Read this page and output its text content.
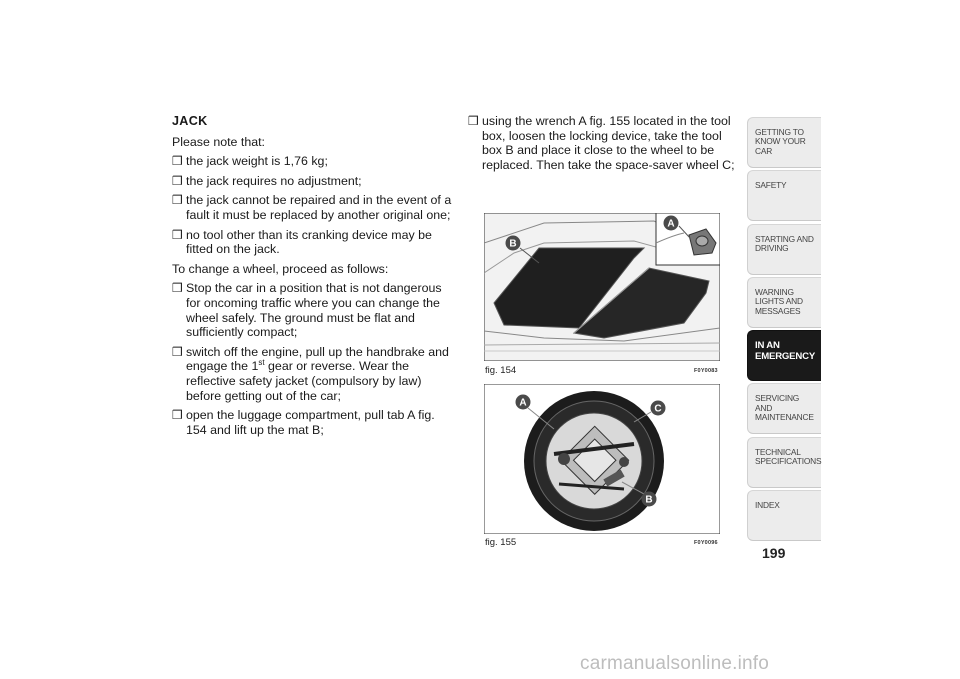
JACK

Please note that:

❒ the jack weight is 1,76 kg;
❒ the jack requires no adjustment;
❒ the jack cannot be repaired and in the event of a fault it must be replaced by another original one;
❒ no tool other than its cranking device may be fitted on the jack.

To change a wheel, proceed as follows:

❒ Stop the car in a position that is not dangerous for oncoming traffic where you can change the wheel safely. The ground must be flat and sufficiently compact;
❒ switch off the engine, pull up the handbrake and engage the 1st gear or reverse. Wear the reflective safety jacket (compulsory by law) before getting out of the car;
❒ open the luggage compartment, pull tab A fig. 154 and lift up the mat B;
❒ using the wrench A fig. 155 located in the tool box, loosen the locking device, take the tool box B and place it close to the wheel to be replaced. Then take the space-saver wheel C;
A
B
fig. 154	F0Y0083
A
C
B
fig. 155	F0Y0096
GETTING TO KNOW YOUR CAR
SAFETY
STARTING AND DRIVING
WARNING LIGHTS AND MESSAGES
IN AN EMERGENCY
SERVICING AND MAINTENANCE
TECHNICAL SPECIFICATIONS
INDEX
199
carmanualsonline.info
